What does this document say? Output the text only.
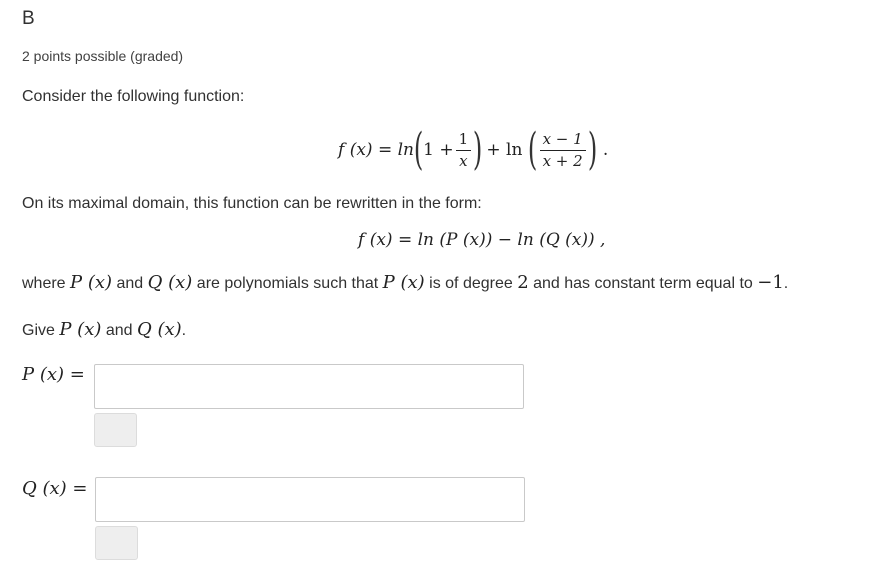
B
2 points possible (graded)
Consider the following function:
f (x) = ln ( $1 + \frac{1}{x}$ ) + ln ( $\frac{x - 1}{x + 2}$ ) .
On its maximal domain, this function can be rewritten in the form:
f (x) = ln (P (x)) − ln (Q (x)) ,
where P (x) and Q (x) are polynomials such that P (x) is of degree 2 and has constant term equal to −1.
Give P (x) and Q (x).
P (x) =
Q (x) =
